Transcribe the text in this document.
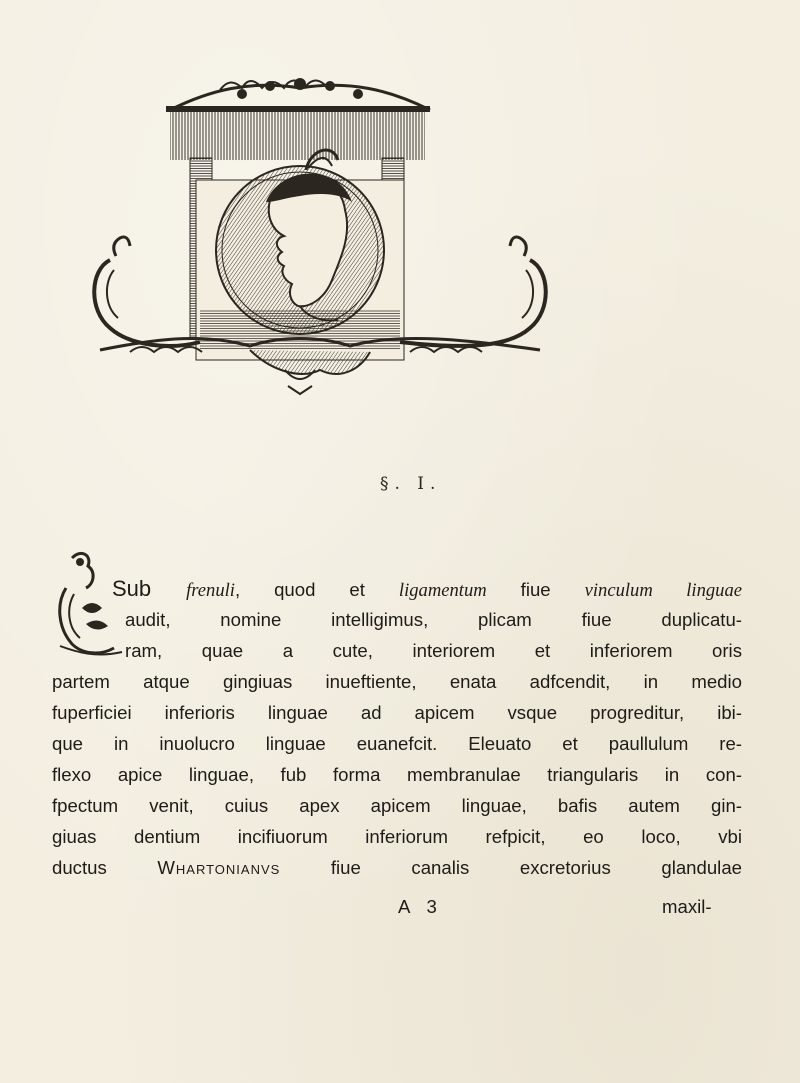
§. I.
Sub frenuli, quod et ligamentum fiue vinculum linguae
audit, nomine intelligimus, plicam fiue duplicatu-
ram, quae a cute, interiorem et inferiorem oris
partem atque gingiuas inueftiente, enata adfcendit, in medio
fuperficiei inferioris linguae ad apicem vsque progreditur, ibi-
que in inuolucro linguae euanefcit. Eleuato et paullulum re-
flexo apice linguae, fub forma membranulae triangularis in con-
fpectum venit, cuius apex apicem linguae, bafis autem gin-
giuas dentium incifiuorum inferiorum refpicit, eo loco, vbi
ductus Whartonianvs fiue canalis excretorius glandulae
A 3	maxil-
